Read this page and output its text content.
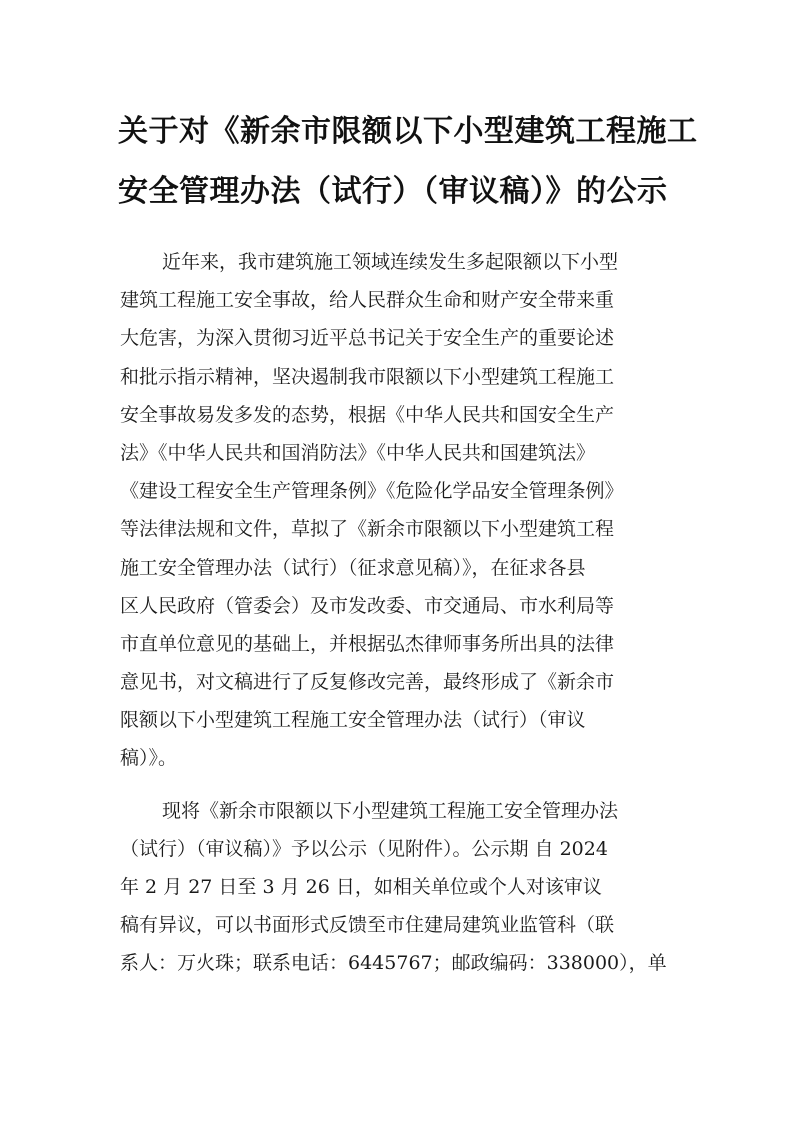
关于对《新余市限额以下小型建筑工程施工
安全管理办法（试行）（审议稿）》的公示
近年来，我市建筑施工领域连续发生多起限额以下小型
建筑工程施工安全事故，给人民群众生命和财产安全带来重
大危害，为深入贯彻习近平总书记关于安全生产的重要论述
和批示指示精神，坚决遏制我市限额以下小型建筑工程施工
安全事故易发多发的态势，根据《中华人民共和国安全生产
法》《中华人民共和国消防法》《中华人民共和国建筑法》
《建设工程安全生产管理条例》《危险化学品安全管理条例》
等法律法规和文件，草拟了《新余市限额以下小型建筑工程
施工安全管理办法（试行）（征求意见稿）》，在征求各县
区人民政府（管委会）及市发改委、市交通局、市水利局等
市直单位意见的基础上，并根据弘杰律师事务所出具的法律
意见书，对文稿进行了反复修改完善，最终形成了《新余市
限额以下小型建筑工程施工安全管理办法（试行）（审议
稿）》。
现将《新余市限额以下小型建筑工程施工安全管理办法
（试行）（审议稿）》予以公示（见附件）。公示期 自 2024
年 2 月 27 日至 3 月 26 日，如相关单位或个人对该审议
稿有异议，可以书面形式反馈至市住建局建筑业监管科（联
系人：万火珠；联系电话：6445767；邮政编码：338000），单
